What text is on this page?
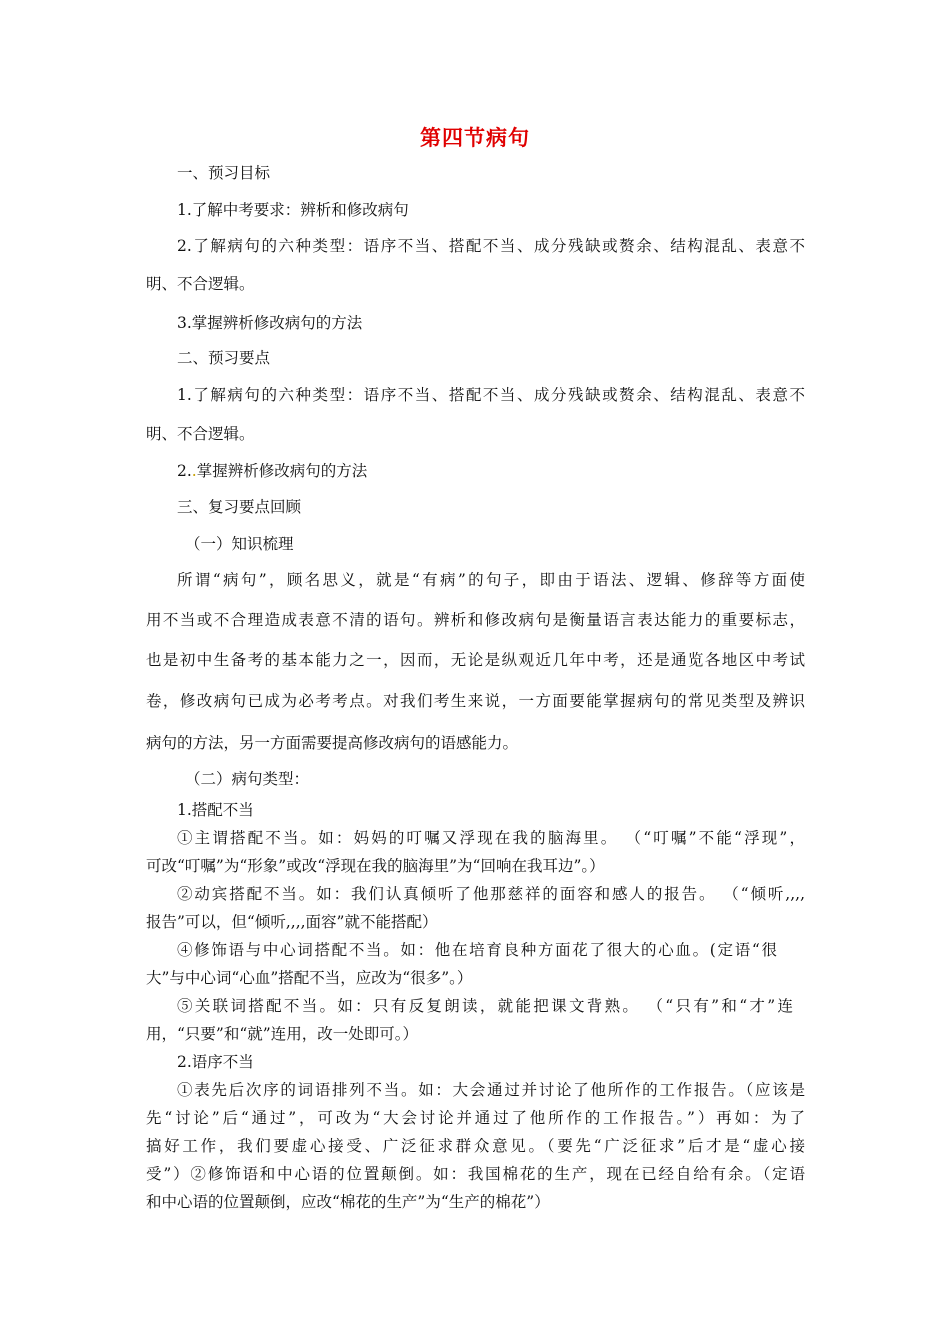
第四节病句
一、预习目标
1.了解中考要求：辨析和修改病句
2.了解病句的六种类型：语序不当、搭配不当、成分残缺或赘余、结构混乱、表意不
明、不合逻辑。
3.掌握辨析修改病句的方法
二、预习要点
1.了解病句的六种类型：语序不当、搭配不当、成分残缺或赘余、结构混乱、表意不
明、不合逻辑。
2..掌握辨析修改病句的方法
三、复习要点回顾
（一）知识梳理
所谓“病句”，顾名思义，就是“有病”的句子，即由于语法、逻辑、修辞等方面使
用不当或不合理造成表意不清的语句。辨析和修改病句是衡量语言表达能力的重要标志，
也是初中生备考的基本能力之一，因而，无论是纵观近几年中考，还是通览各地区中考试
卷，修改病句已成为必考考点。对我们考生来说，一方面要能掌握病句的常见类型及辨识
病句的方法，另一方面需要提高修改病句的语感能力。
（二）病句类型：
1.搭配不当
①主谓搭配不当。如：妈妈的叮嘱又浮现在我的脑海里。 （“叮嘱”不能“浮现”，
可改“叮嘱”为“形象”或改“浮现在我的脑海里”为“回响在我耳边”。）
②动宾搭配不当。如：我们认真倾听了他那慈祥的面容和感人的报告。 （“倾听,,,,
报告”可以，但“倾听,,,,面容”就不能搭配）
④修饰语与中心词搭配不当。如：他在培育良种方面花了很大的心血。(定语“很
大”与中心词“心血”搭配不当，应改为“很多”。）
⑤关联词搭配不当。如：只有反复朗读，就能把课文背熟。 （“只有”和“才”连
用，“只要”和“就”连用，改一处即可。）
2.语序不当
①表先后次序的词语排列不当。如：大会通过并讨论了他所作的工作报告。（应该是
先“讨论”后“通过”，可改为“大会讨论并通过了他所作的工作报告。”）再如：为了
搞好工作，我们要虚心接受、广泛征求群众意见。（要先“广泛征求”后才是“虚心接
受”）②修饰语和中心语的位置颠倒。如：我国棉花的生产，现在已经自给有余。（定语
和中心语的位置颠倒，应改“棉花的生产”为“生产的棉花”）
